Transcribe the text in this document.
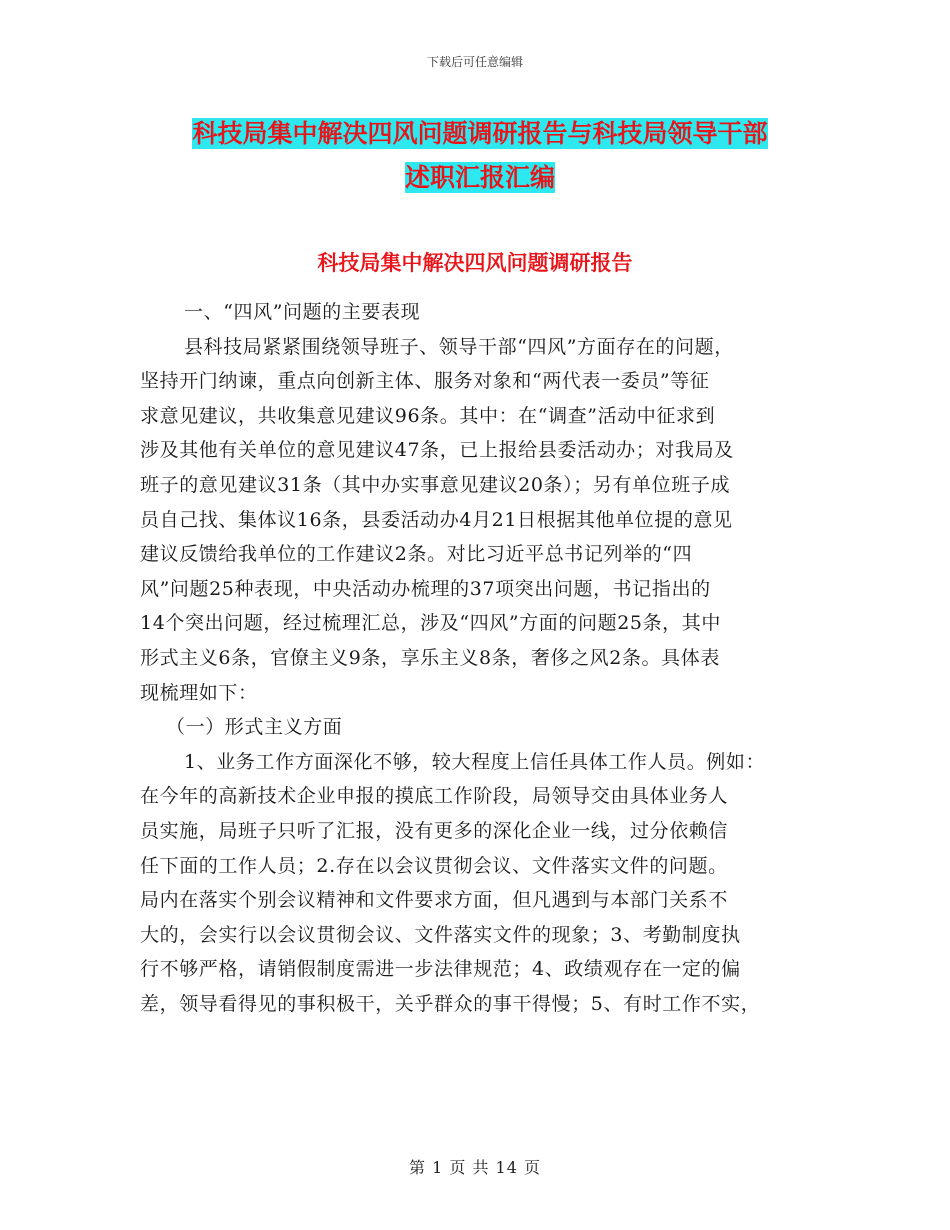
下载后可任意编辑
科技局集中解决四风问题调研报告与科技局领导干部
述职汇报汇编
科技局集中解决四风问题调研报告
一、“四风”问题的主要表现
县科技局紧紧围绕领导班子、领导干部“四风”方面存在的问题，
坚持开门纳谏，重点向创新主体、服务对象和“两代表一委员”等征
求意见建议，共收集意见建议96条。其中：在“调查”活动中征求到
涉及其他有关单位的意见建议47条，已上报给县委活动办；对我局及
班子的意见建议31条（其中办实事意见建议20条）；另有单位班子成
员自己找、集体议16条，县委活动办4月21日根据其他单位提的意见
建议反馈给我单位的工作建议2条。对比习近平总书记列举的“四
风”问题25种表现，中央活动办梳理的37项突出问题，书记指出的
14个突出问题，经过梳理汇总，涉及“四风”方面的问题25条，其中
形式主义6条，官僚主义9条，享乐主义8条，奢侈之风2条。具体表
现梳理如下：
（一）形式主义方面
1、业务工作方面深化不够，较大程度上信任具体工作人员。例如：
在今年的高新技术企业申报的摸底工作阶段，局领导交由具体业务人
员实施，局班子只听了汇报，没有更多的深化企业一线，过分依赖信
任下面的工作人员；2.存在以会议贯彻会议、文件落实文件的问题。
局内在落实个别会议精神和文件要求方面，但凡遇到与本部门关系不
大的，会实行以会议贯彻会议、文件落实文件的现象；3、考勤制度执
行不够严格，请销假制度需进一步法律规范；4、政绩观存在一定的偏
差，领导看得见的事积极干，关乎群众的事干得慢；5、有时工作不实，
第 1 页 共 14 页
